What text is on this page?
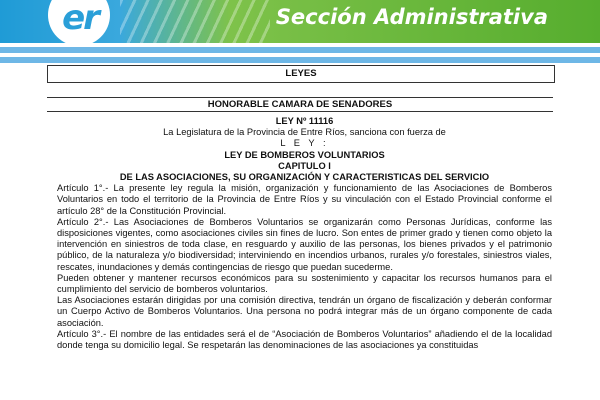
er	Sección Administrativa
LEYES
HONORABLE CAMARA DE SENADORES
LEY Nº 11116
La Legislatura de la Provincia de Entre Ríos, sanciona con fuerza de
L E Y :
LEY DE BOMBEROS VOLUNTARIOS
CAPITULO I
DE LAS ASOCIACIONES, SU ORGANIZACIÓN Y CARACTERISTICAS DEL SERVICIO

Artículo 1°.- La presente ley regula la misión, organización y funcionamiento de las Asociaciones de Bomberos Voluntarios en todo el territorio de la Provincia de Entre Ríos y su vinculación con el Estado Provincial conforme el artículo 28° de la Constitución Provincial.

Artículo 2°.- Las Asociaciones de Bomberos Voluntarios se organizarán como Personas Jurídicas, conforme las disposiciones vigentes, como asociaciones civiles sin fines de lucro. Son entes de primer grado y tienen como objeto la intervención en siniestros de toda clase, en resguardo y auxilio de las personas, los bienes privados y el patrimonio público, de la naturaleza y/o biodiversidad; interviniendo en incendios urbanos, rurales y/o forestales, siniestros viales, rescates, inundaciones y demás contingencias de riesgo que puedan sucederme.

Pueden obtener y mantener recursos económicos para su sostenimiento y capacitar los recursos humanos para el cumplimiento del servicio de bomberos voluntarios.

Las Asociaciones estarán dirigidas por una comisión directiva, tendrán un órgano de fiscalización y deberán conformar un Cuerpo Activo de Bomberos Voluntarios. Una persona no podrá integrar más de un órgano componente de cada asociación.

Artículo 3°.- El nombre de las entidades será el de “Asociación de Bomberos Voluntarios” añadiendo el de la localidad donde tenga su domicilio legal. Se respetarán las denominaciones de las asociaciones ya constituidas
